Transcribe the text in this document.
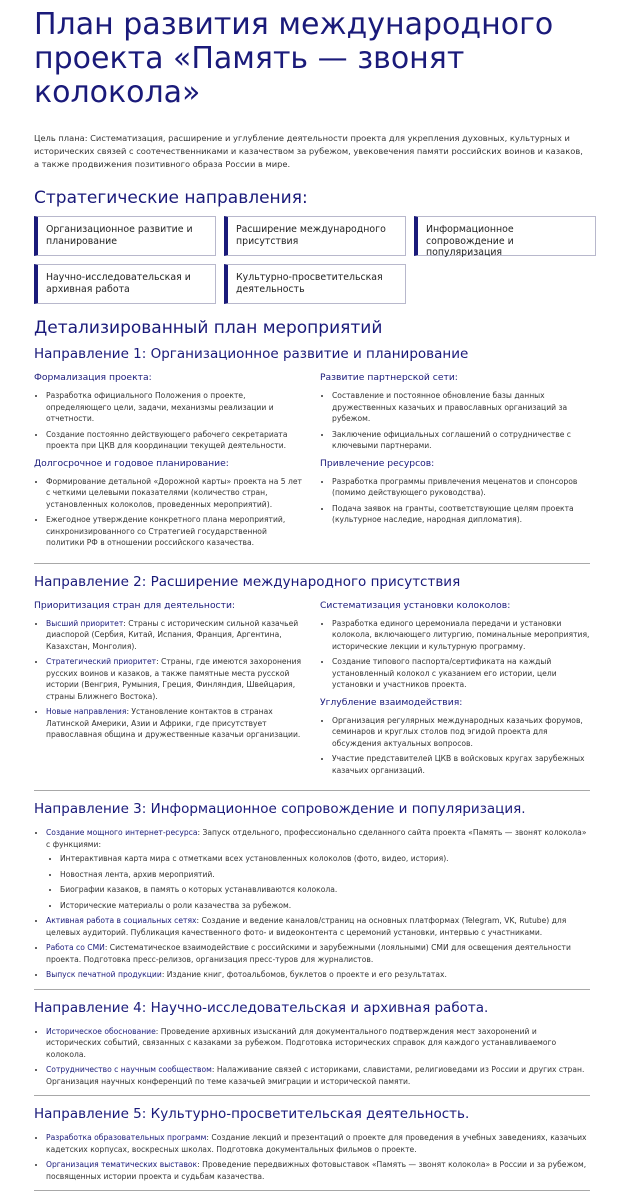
План развития международного проекта «Память — звонят колокола»

Цель плана: Систематизация, расширение и углубление деятельности проекта для укрепления духовных, культурных и исторических связей с соотечественниками и казачеством за рубежом, увековечения памяти российских воинов и казаков, а также продвижения позитивного образа России в мире.

Стратегические направления:
Организационное развитие и планирование
Расширение международного присутствия
Информационное сопровождение и популяризация
Научно-исследовательская и архивная работа
Культурно-просветительская деятельность
Детализированный план мероприятий
Направление 1: Организационное развитие и планирование
Формализация проекта:
• Разработка официального Положения о проекте, определяющего цели, задачи, механизмы реализации и отчетности.
• Создание постоянно действующего рабочего секретариата проекта при ЦКВ для координации текущей деятельности.
Долгосрочное и годовое планирование:
• Формирование детальной «Дорожной карты» проекта на 5 лет с четкими целевыми показателями (количество стран, установленных колоколов, проведенных мероприятий).
• Ежегодное утверждение конкретного плана мероприятий, синхронизированного со Стратегией государственной политики РФ в отношении российского казачества.
Развитие партнерской сети:
• Составление и постоянное обновление базы данных дружественных казачьих и православных организаций за рубежом.
• Заключение официальных соглашений о сотрудничестве с ключевыми партнерами.
Привлечение ресурсов:
• Разработка программы привлечения меценатов и спонсоров (помимо действующего руководства).
• Подача заявок на гранты, соответствующие целям проекта (культурное наследие, народная дипломатия).
Направление 2: Расширение международного присутствия
Приоритизация стран для деятельности:
• Высший приоритет: Страны с историческим сильной казачьей диаспорой (Сербия, Китай, Испания, Франция, Аргентина, Казахстан, Монголия).
• Стратегический приоритет: Страны, где имеются захоронения русских воинов и казаков, а также памятные места русской истории (Венгрия, Румыния, Греция, Финляндия, Швейцария, страны Ближнего Востока).
• Новые направления: Установление контактов в странах Латинской Америки, Азии и Африки, где присутствует православная община и дружественные казачьи организации.
Систематизация установки колоколов:
• Разработка единого церемониала передачи и установки колокола, включающего литургию, поминальные мероприятия, исторические лекции и культурную программу.
• Создание типового паспорта/сертификата на каждый установленный колокол с указанием его истории, цели установки и участников проекта.
Углубление взаимодействия:
• Организация регулярных международных казачьих форумов, семинаров и круглых столов под эгидой проекта для обсуждения актуальных вопросов.
• Участие представителей ЦКВ в войсковых кругах зарубежных казачьих организаций.
Направление 3: Информационное сопровождение и популяризация.
• Создание мощного интернет-ресурса: Запуск отдельного, профессионально сделанного сайта проекта «Память — звонят колокола» с функциями:
• Интерактивная карта мира с отметками всех установленных колоколов (фото, видео, история).
• Новостная лента, архив мероприятий.
• Биографии казаков, в память о которых устанавливаются колокола.
• Исторические материалы о роли казачества за рубежом.
• Активная работа в социальных сетях: Создание и ведение каналов/страниц на основных платформах (Telegram, VK, Rutube) для целевых аудиторий. Публикация качественного фото- и видеоконтента с церемоний установки, интервью с участниками.
• Работа со СМИ: Систематическое взаимодействие с российскими и зарубежными (лояльными) СМИ для освещения деятельности проекта. Подготовка пресс-релизов, организация пресс-туров для журналистов.
• Выпуск печатной продукции: Издание книг, фотоальбомов, буклетов о проекте и его результатах.
Направление 4: Научно-исследовательская и архивная работа.
• Историческое обоснование: Проведение архивных изысканий для документального подтверждения мест захоронений и исторических событий, связанных с казаками за рубежом. Подготовка исторических справок для каждого устанавливаемого колокола.
• Сотрудничество с научным сообществом: Налаживание связей с историками, славистами, религиоведами из России и других стран. Организация научных конференций по теме казачьей эмиграции и исторической памяти.
Направление 5: Культурно-просветительская деятельность.
• Разработка образовательных программ: Создание лекций и презентаций о проекте для проведения в учебных заведениях, казачьих кадетских корпусах, воскресных школах. Подготовка документальных фильмов о проекте.
• Организация тематических выставок: Проведение передвижных фотовыставок «Память — звонят колокола» в России и за рубежом, посвященных истории проекта и судьбам казачества.
